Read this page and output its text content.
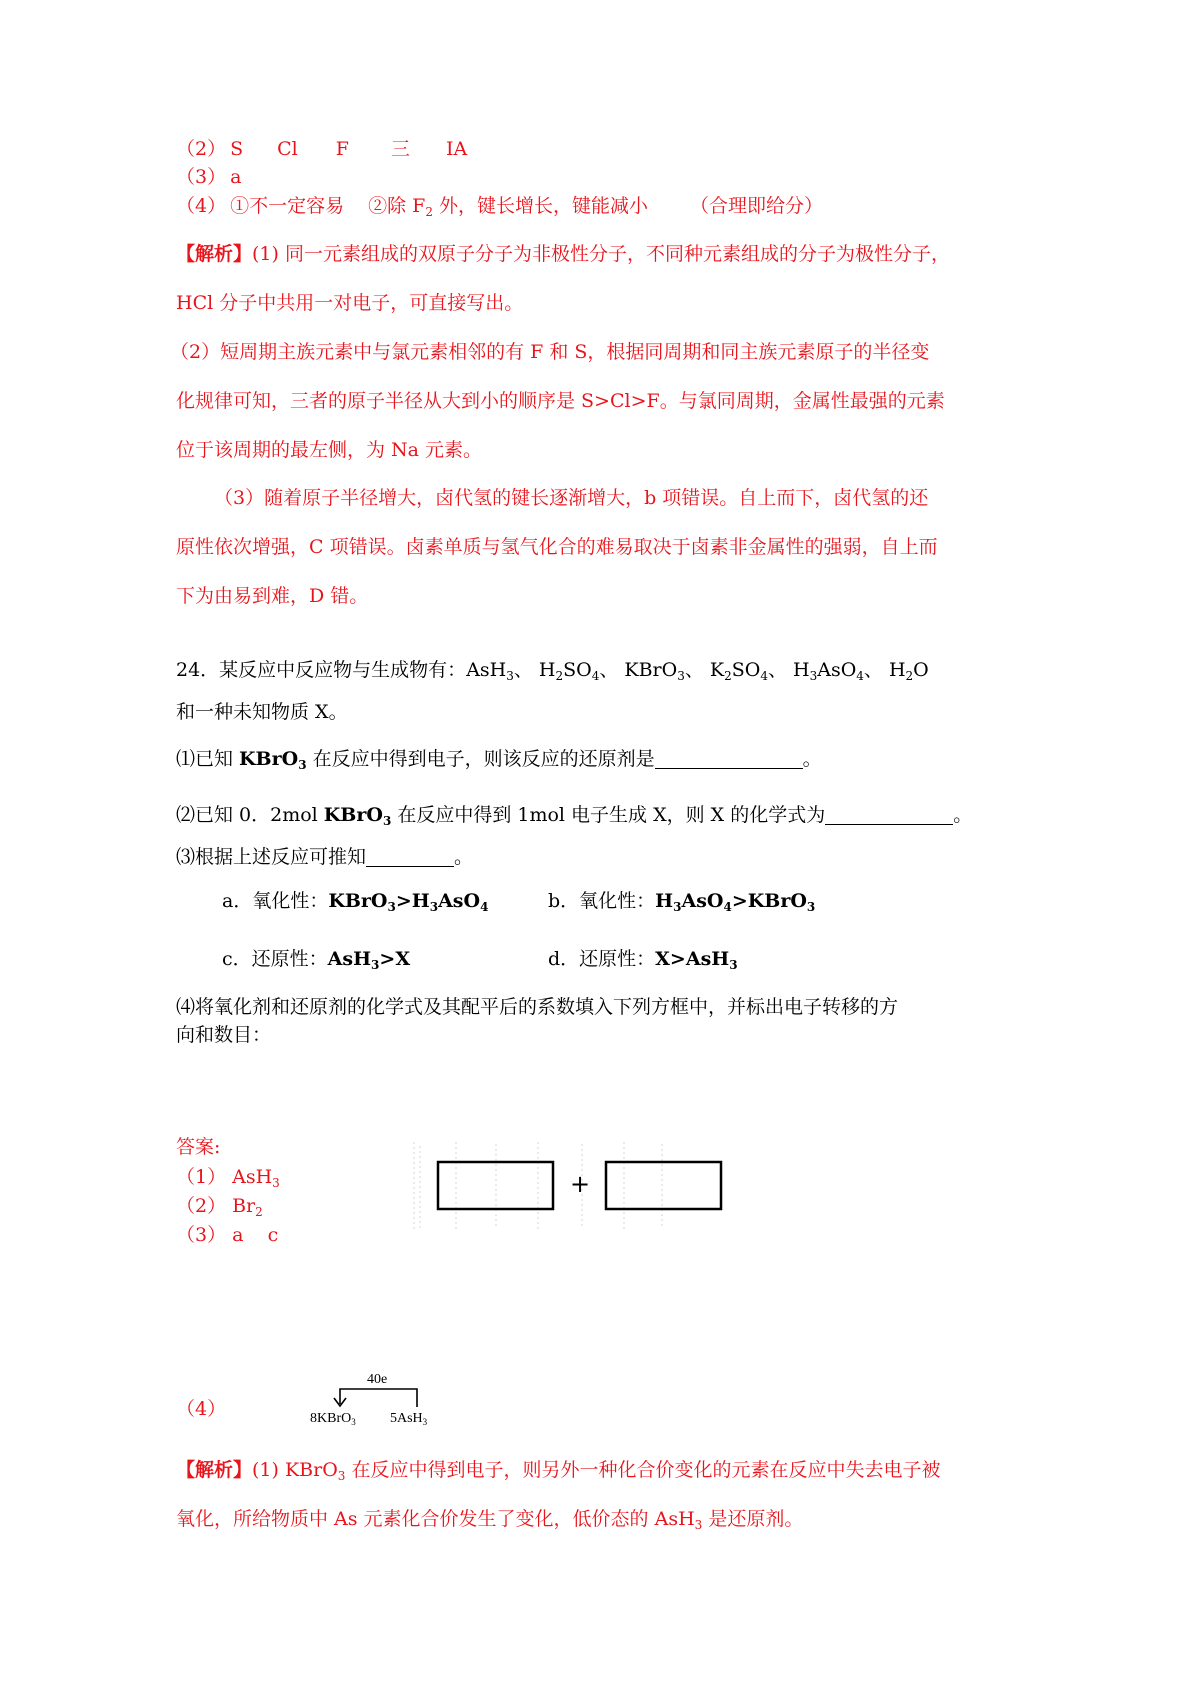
（2） S Cl F 三 IA
（3） a
（4） ①不一定容易 ②除 $F_2$ 外，键长增长，键能减小 （合理即给分）
【解析】(1) 同一元素组成的双原子分子为非极性分子，不同种元素组成的分子为极性分子，
HCl 分子中共用一对电子，可直接写出。
（2）短周期主族元素中与氯元素相邻的有 F 和 S，根据同周期和同主族元素原子的半径变
化规律可知，三者的原子半径从大到小的顺序是 S>Cl>F。与氯同周期，金属性最强的元素
位于该周期的最左侧，为 Na 元素。
（3）随着原子半径增大，卤代氢的键长逐渐增大，b 项错误。自上而下，卤代氢的还
原性依次增强，C 项错误。卤素单质与氢气化合的难易取决于卤素非金属性的强弱，自上而
下为由易到难，D 错。
24．某反应中反应物与生成物有：AsH$_3$、 $H_2SO_4$、 KBrO$_3$、 $K_2SO_4$、 $H_3AsO_4$、 $H_2O$
和一种未知物质 X。
⑴已知 KBrO$_3$ 在反应中得到电子，则该反应的还原剂是	。
⑵已知 0．2mol KBrO$_3$ 在反应中得到 1mol 电子生成 X，则 X 的化学式为	。
⑶根据上述反应可推知	。
a．氧化性：$KBrO_3>H_3AsO_4$	b．氧化性：$H_3AsO_4>KBrO_3$
c．还原性：AsH$_3$>X	d．还原性：X>AsH$_3$
⑷将氧化剂和还原剂的化学式及其配平后的系数填入下列方框中，并标出电子转移的方
向和数目：
+
答案:
（1） AsH$_3$
（2） $Br_2$
（3） a    c
（4）
40e
8KBrO$_3$ 5AsH$_3$
【解析】(1) KBrO$_3$ 在反应中得到电子，则另外一种化合价变化的元素在反应中失去电子被
氧化，所给物质中 As 元素化合价发生了变化，低价态的 AsH$_3$ 是还原剂。
